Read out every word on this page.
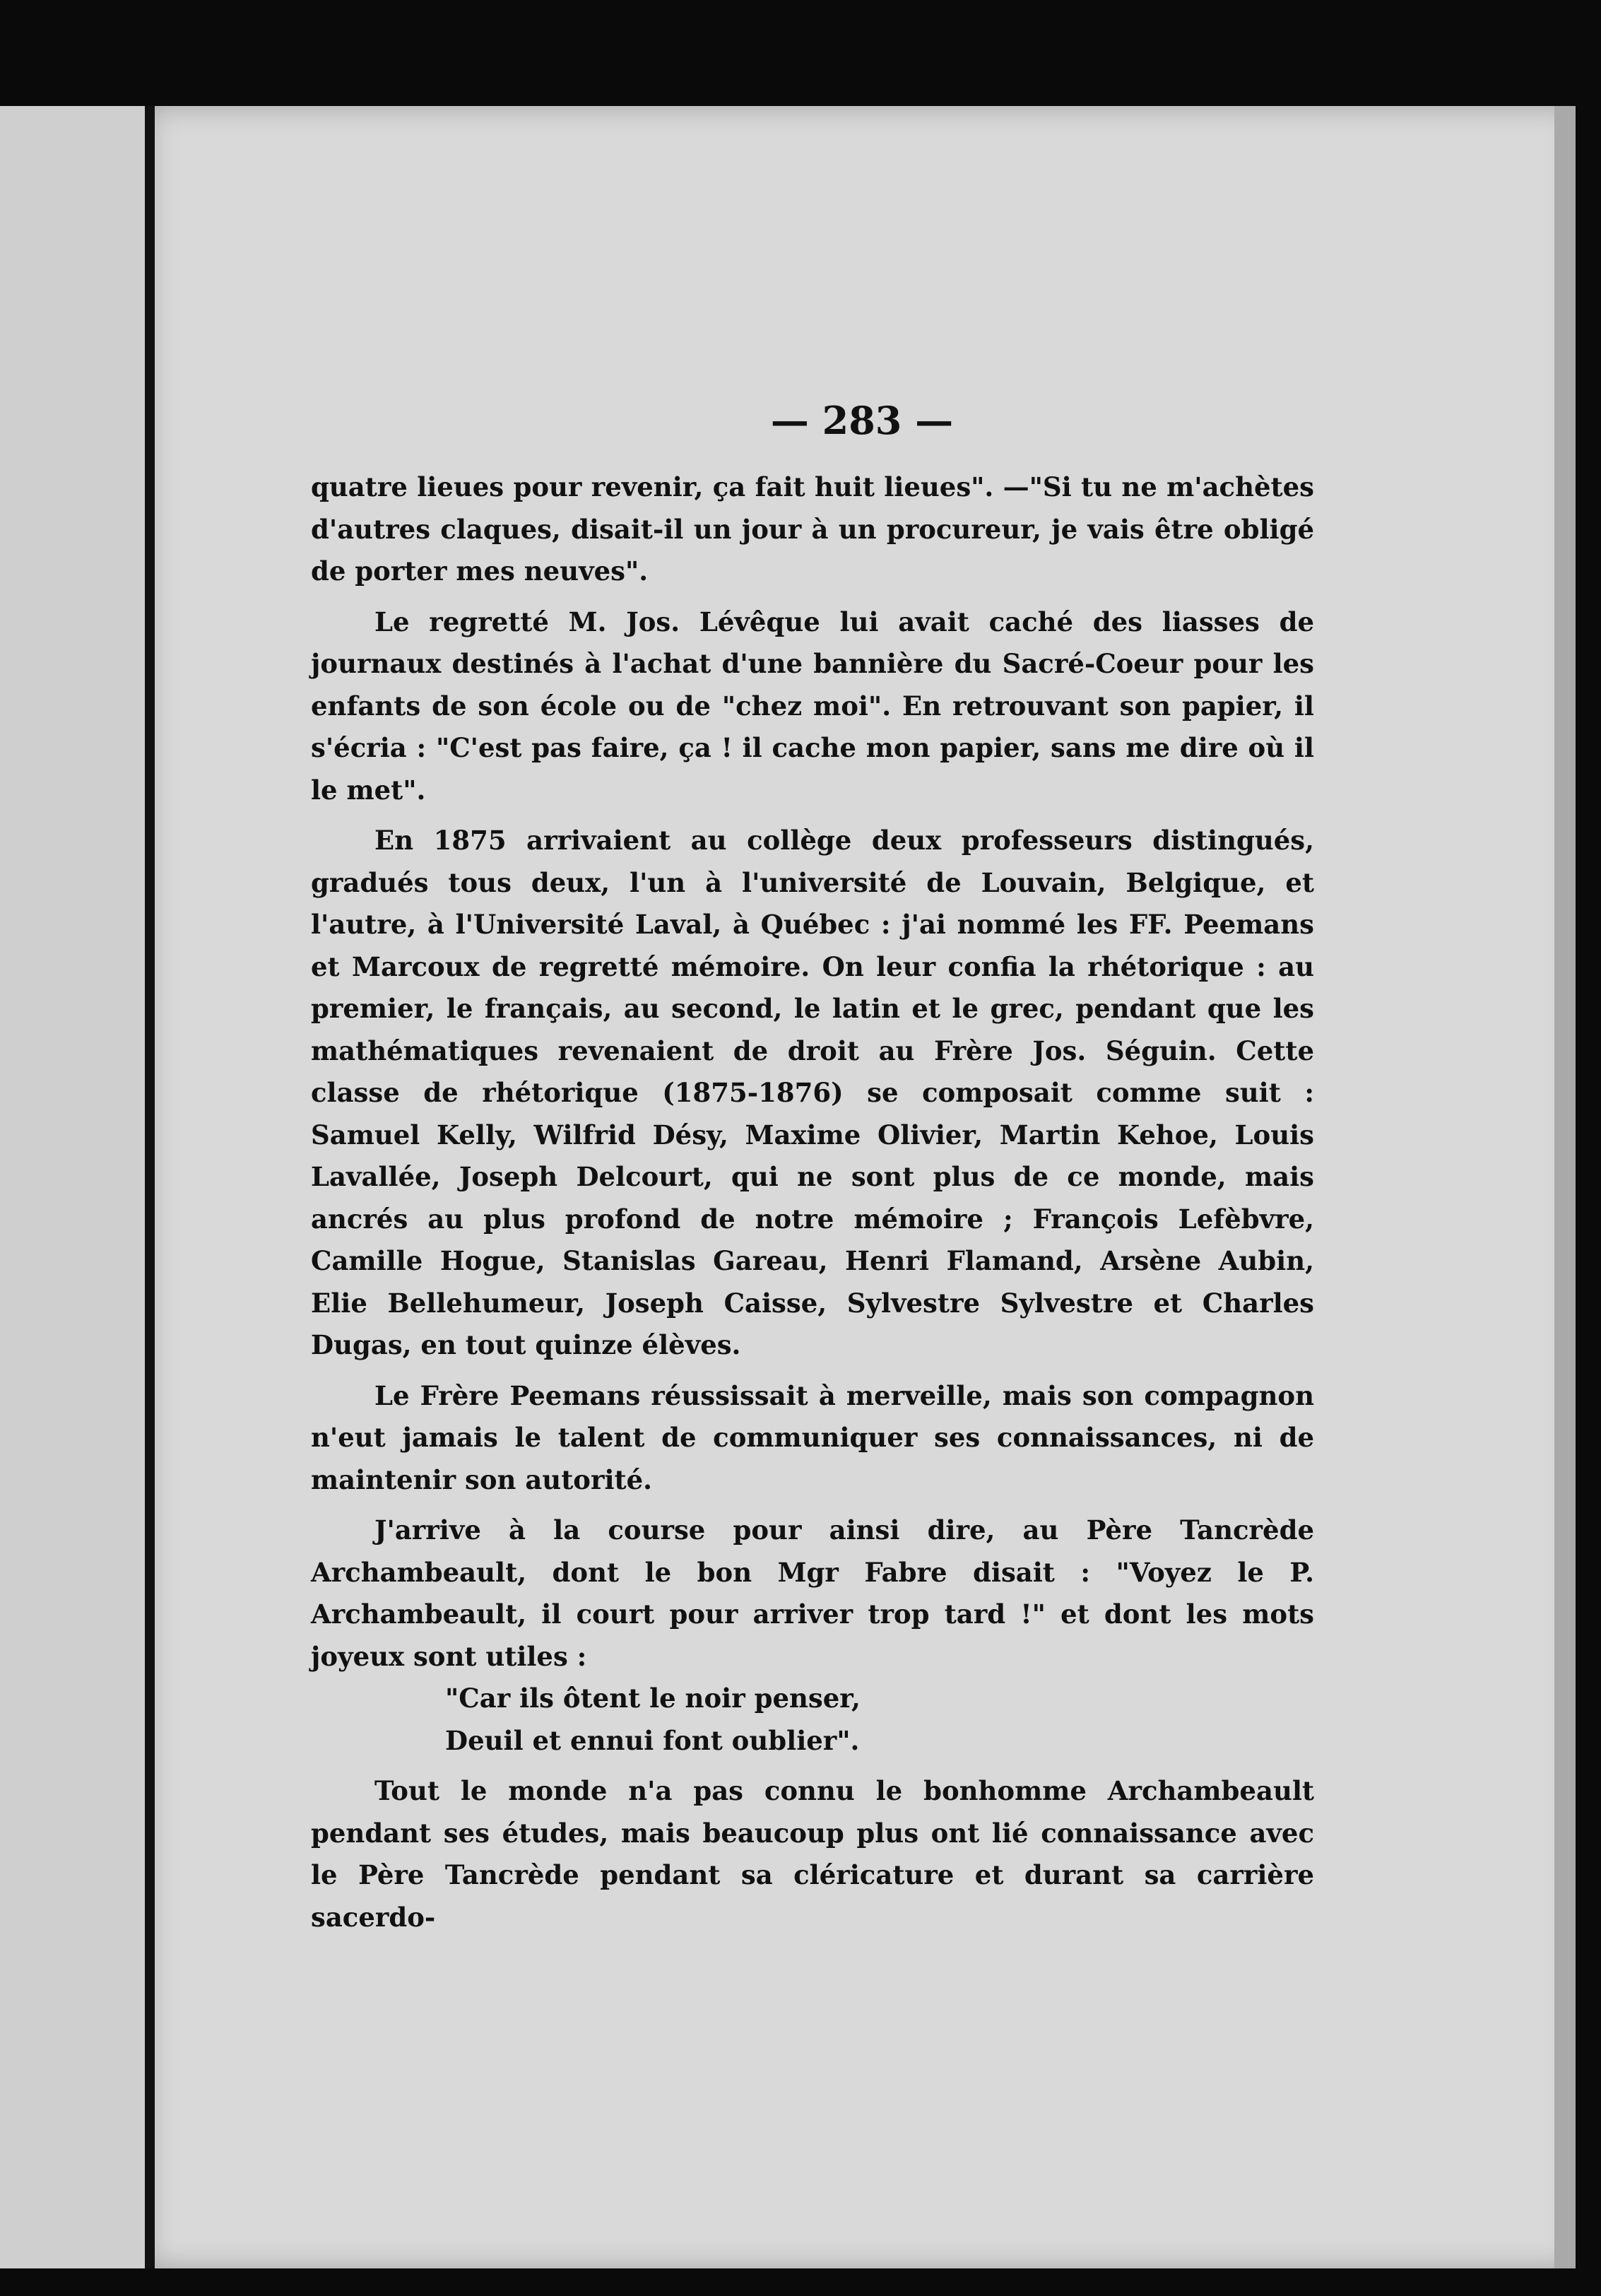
— 283 —

quatre lieues pour revenir, ça fait huit lieues". —"Si tu ne m'achètes d'autres claques, disait-il un jour à un procureur, je vais être obligé de porter mes neuves".

Le regretté M. Jos. Lévêque lui avait caché des liasses de journaux destinés à l'achat d'une bannière du Sacré-Coeur pour les enfants de son école ou de "chez moi". En retrouvant son papier, il s'écria : "C'est pas faire, ça ! il cache mon papier, sans me dire où il le met".

En 1875 arrivaient au collège deux professeurs distingués, gradués tous deux, l'un à l'université de Louvain, Belgique, et l'autre, à l'Université Laval, à Québec : j'ai nommé les FF. Peemans et Marcoux de regretté mémoire. On leur confia la rhétorique : au premier, le français, au second, le latin et le grec, pendant que les mathématiques revenaient de droit au Frère Jos. Séguin. Cette classe de rhétorique (1875-1876) se composait comme suit : Samuel Kelly, Wilfrid Désy, Maxime Olivier, Martin Kehoe, Louis Lavallée, Joseph Delcourt, qui ne sont plus de ce monde, mais ancrés au plus profond de notre mémoire ; François Lefèbvre, Camille Hogue, Stanislas Gareau, Henri Flamand, Arsène Aubin, Elie Bellehumeur, Joseph Caisse, Sylvestre Sylvestre et Charles Dugas, en tout quinze élèves.

Le Frère Peemans réussissait à merveille, mais son compagnon n'eut jamais le talent de communiquer ses connaissances, ni de maintenir son autorité.

J'arrive à la course pour ainsi dire, au Père Tancrède Archambeault, dont le bon Mgr Fabre disait : "Voyez le P. Archambeault, il court pour arriver trop tard !" et dont les mots joyeux sont utiles :

"Car ils ôtent le noir penser,

Deuil et ennui font oublier".

Tout le monde n'a pas connu le bonhomme Archambeault pendant ses études, mais beaucoup plus ont lié connaissance avec le Père Tancrède pendant sa cléricature et durant sa carrière sacerdo-
